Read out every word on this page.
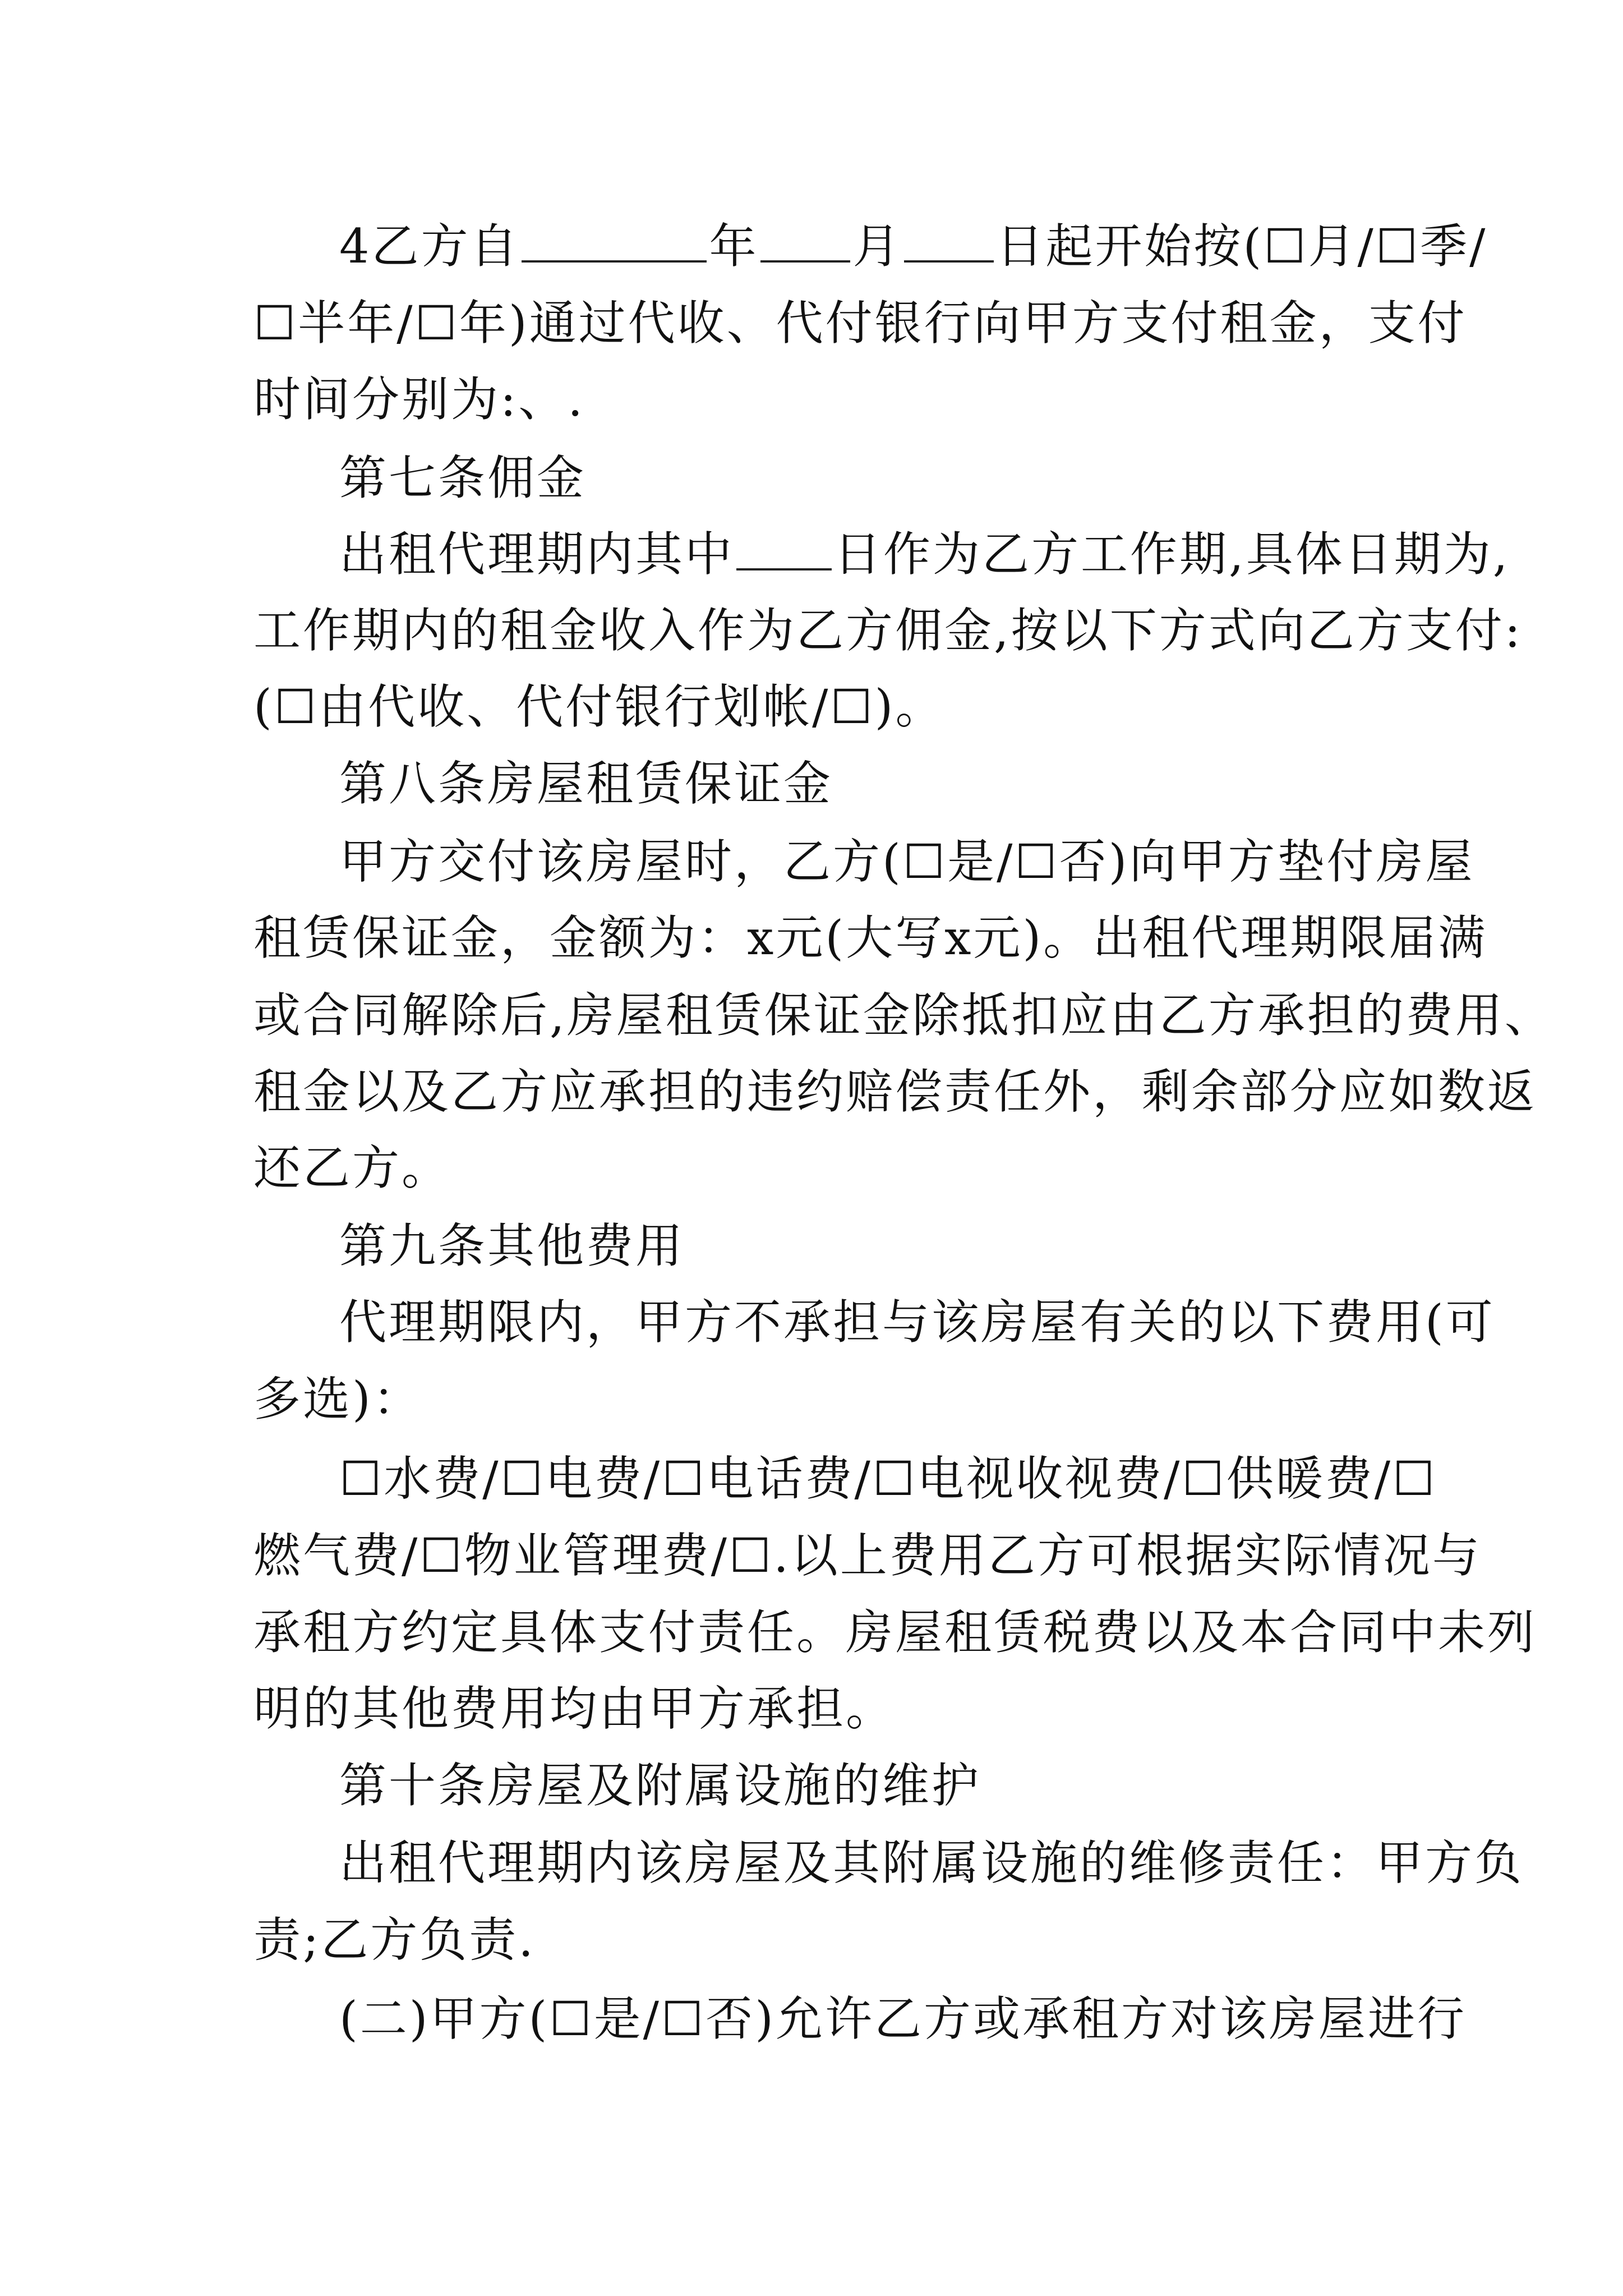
4乙方自	年 月 日起开始按(☐月/☐季/
☐半年/☐年)通过代收、代付银行向甲方支付租金，支付
时间分别为:、.
第七条佣金
出租代理期内其中 日作为乙方工作期,具体日期为,
工作期内的租金收入作为乙方佣金,按以下方式向乙方支付:
(☐由代收、代付银行划帐/☐)。
第八条房屋租赁保证金
甲方交付该房屋时，乙方(☐是/☐否)向甲方垫付房屋
租赁保证金，金额为：x元(大写x元)。出租代理期限届满
或合同解除后,房屋租赁保证金除抵扣应由乙方承担的费用、
租金以及乙方应承担的违约赔偿责任外，剩余部分应如数返
还乙方。
第九条其他费用
代理期限内，甲方不承担与该房屋有关的以下费用(可
多选)：
☐水费/☐电费/☐电话费/☐电视收视费/☐供暖费/☐
燃气费/☐物业管理费/☐.以上费用乙方可根据实际情况与
承租方约定具体支付责任。房屋租赁税费以及本合同中未列
明的其他费用均由甲方承担。
第十条房屋及附属设施的维护
出租代理期内该房屋及其附属设施的维修责任：甲方负
责;乙方负责.
(二)甲方(☐是/☐否)允许乙方或承租方对该房屋进行
